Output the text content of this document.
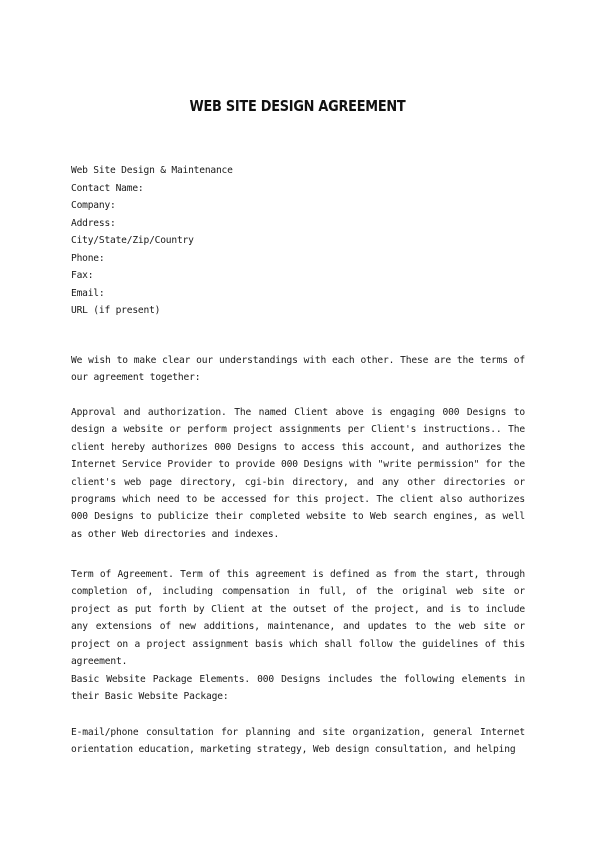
WEB SITE DESIGN AGREEMENT
Web Site Design & Maintenance
Contact Name:
Company:
Address:
City/State/Zip/Country
Phone:
Fax:
Email:
URL (if present)

We wish to make clear our understandings with each other. These are the terms of our agreement together:

Approval and authorization. The named Client above is engaging 000 Designs to design a website or perform project assignments per Client's instructions.. The client hereby authorizes 000 Designs to access this account, and authorizes the Internet Service Provider to provide 000 Designs with "write permission" for the client's web page directory, cgi-bin directory, and any other directories or programs which need to be accessed for this project. The client also authorizes 000 Designs to publicize their completed website to Web search engines, as well as other Web directories and indexes.

Term of Agreement. Term of this agreement is defined as from the start, through completion of, including compensation in full, of the original web site or project as put forth by Client at the outset of the project, and is to include any extensions of new additions, maintenance, and updates to the web site or project on a project assignment basis which shall follow the guidelines of this agreement.

Basic Website Package Elements. 000 Designs includes the following elements in their Basic Website Package:

E-mail/phone consultation for planning and site organization, general Internet orientation education, marketing strategy, Web design consultation, and helping
